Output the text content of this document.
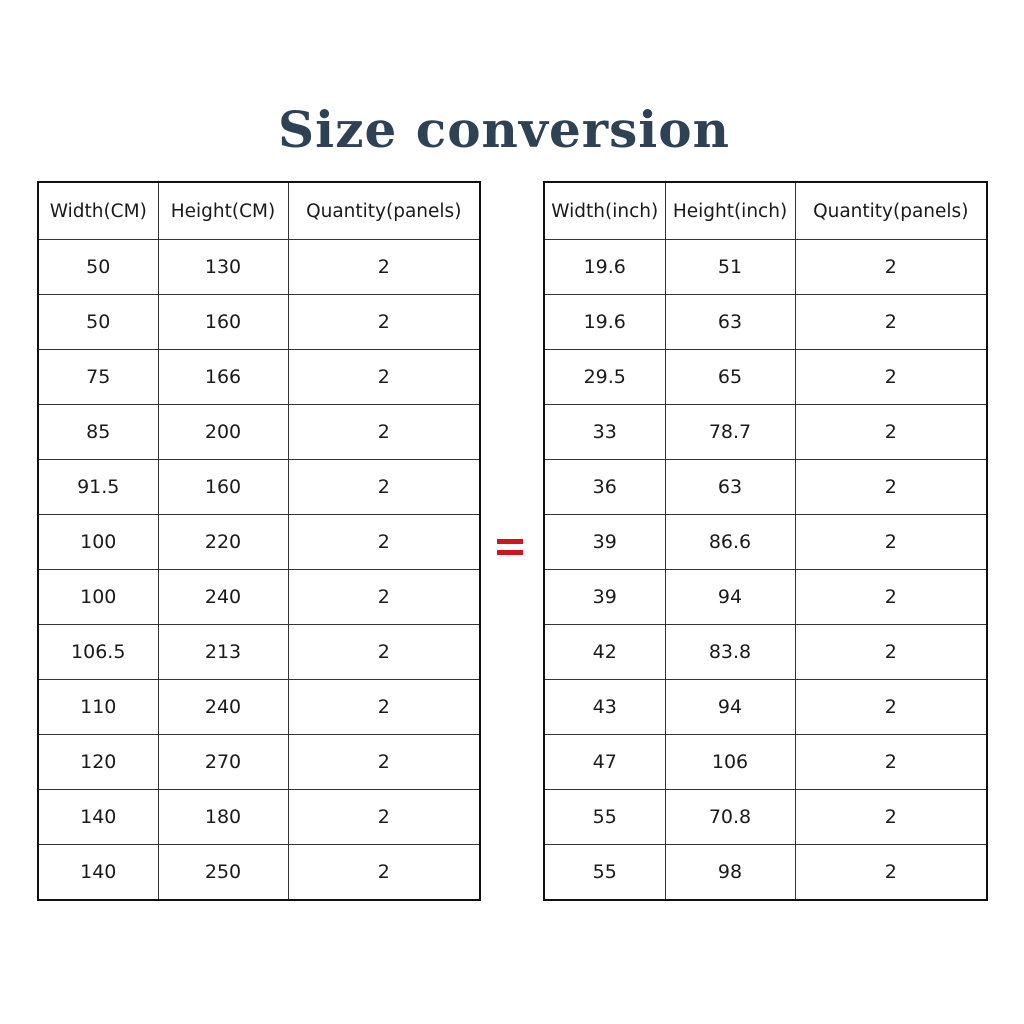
Size conversion
Width(CM)	Height(CM)	Quantity(panels)
50	130	2
50	160	2
75	166	2
85	200	2
91.5	160	2
100	220	2
100	240	2
106.5	213	2
110	240	2
120	270	2
140	180	2
140	250	2
Width(inch)	Height(inch)	Quantity(panels)
19.6	51	2
19.6	63	2
29.5	65	2
33	78.7	2
36	63	2
39	86.6	2
39	94	2
42	83.8	2
43	94	2
47	106	2
55	70.8	2
55	98	2
